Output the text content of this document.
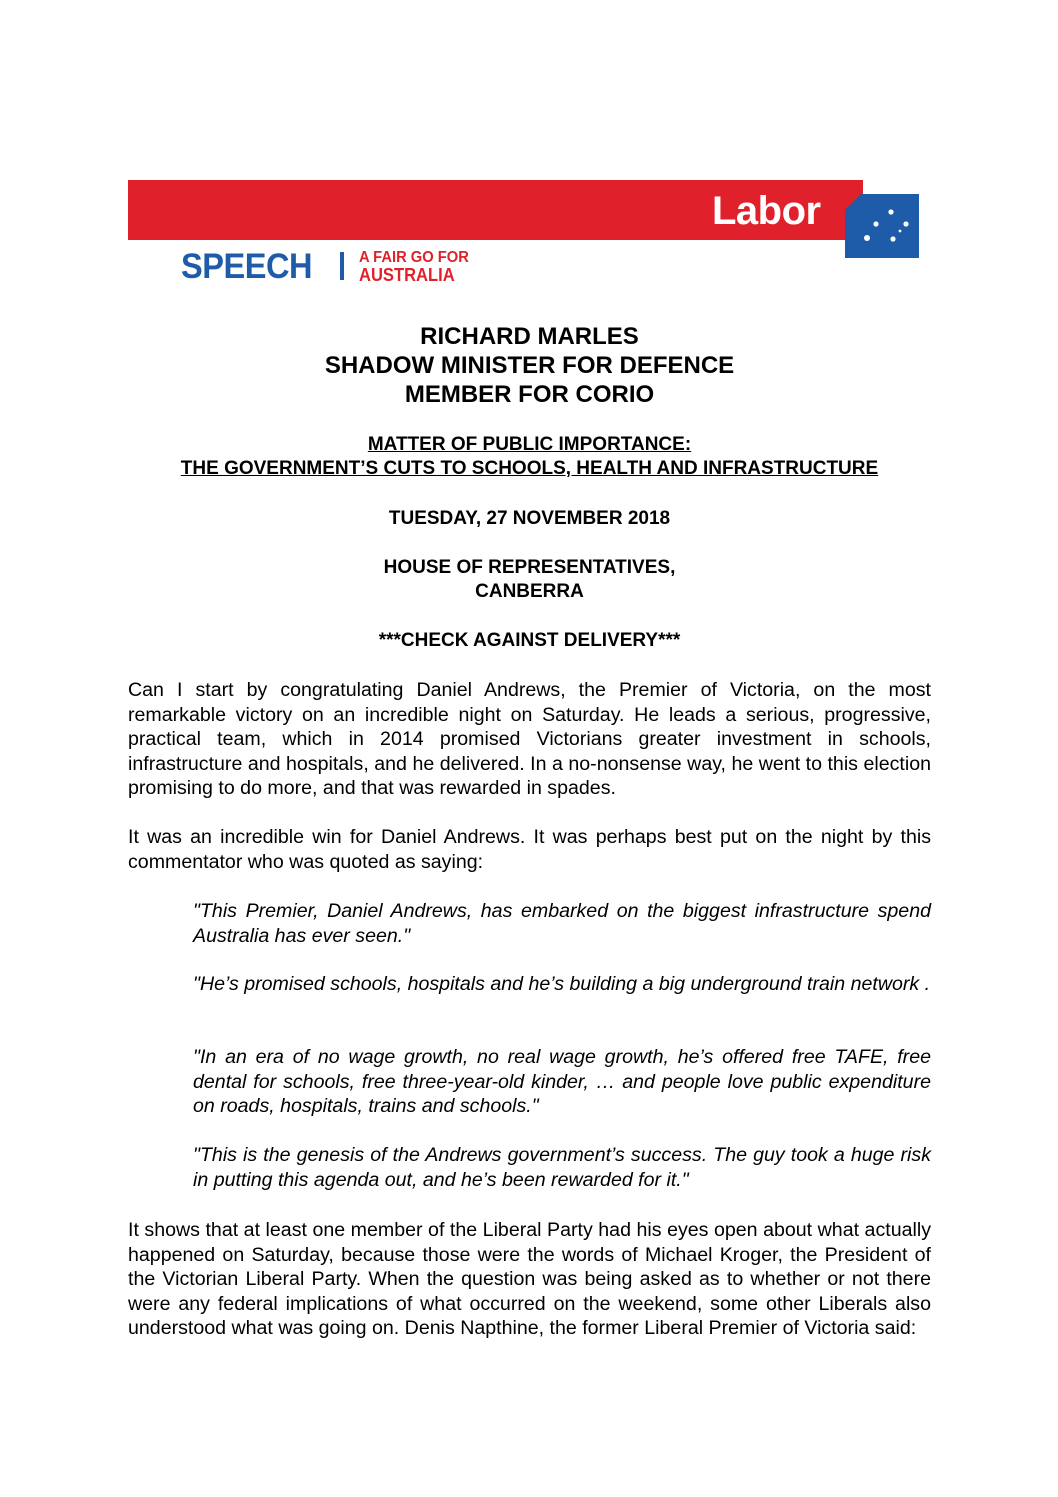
Labor
SPEECH	A FAIR GO FOR
AUSTRALIA
RICHARD MARLES
SHADOW MINISTER FOR DEFENCE
MEMBER FOR CORIO
MATTER OF PUBLIC IMPORTANCE:
THE GOVERNMENT’S CUTS TO SCHOOLS, HEALTH AND INFRASTRUCTURE
TUESDAY, 27 NOVEMBER 2018
HOUSE OF REPRESENTATIVES,
CANBERRA
***CHECK AGAINST DELIVERY***

Can I start by congratulating Daniel Andrews, the Premier of Victoria, on the most remarkable victory on an incredible night on Saturday. He leads a serious, progressive, practical team, which in 2014 promised Victorians greater investment in schools, infrastructure and hospitals, and he delivered. In a no-nonsense way, he went to this election promising to do more, and that was rewarded in spades.

It was an incredible win for Daniel Andrews. It was perhaps best put on the night by this commentator who was quoted as saying:

"This Premier, Daniel Andrews, has embarked on the biggest infrastructure spend Australia has ever seen."

"He’s promised schools, hospitals and he’s building a big underground train network .

"In an era of no wage growth, no real wage growth, he’s offered free TAFE, free dental for schools, free three-year-old kinder, … and people love public expenditure on roads, hospitals, trains and schools."

"This is the genesis of the Andrews government’s success. The guy took a huge risk in putting this agenda out, and he’s been rewarded for it."

It shows that at least one member of the Liberal Party had his eyes open about what actually happened on Saturday, because those were the words of Michael Kroger, the President of the Victorian Liberal Party. When the question was being asked as to whether or not there were any federal implications of what occurred on the weekend, some other Liberals also understood what was going on. Denis Napthine, the former Liberal Premier of Victoria said:
